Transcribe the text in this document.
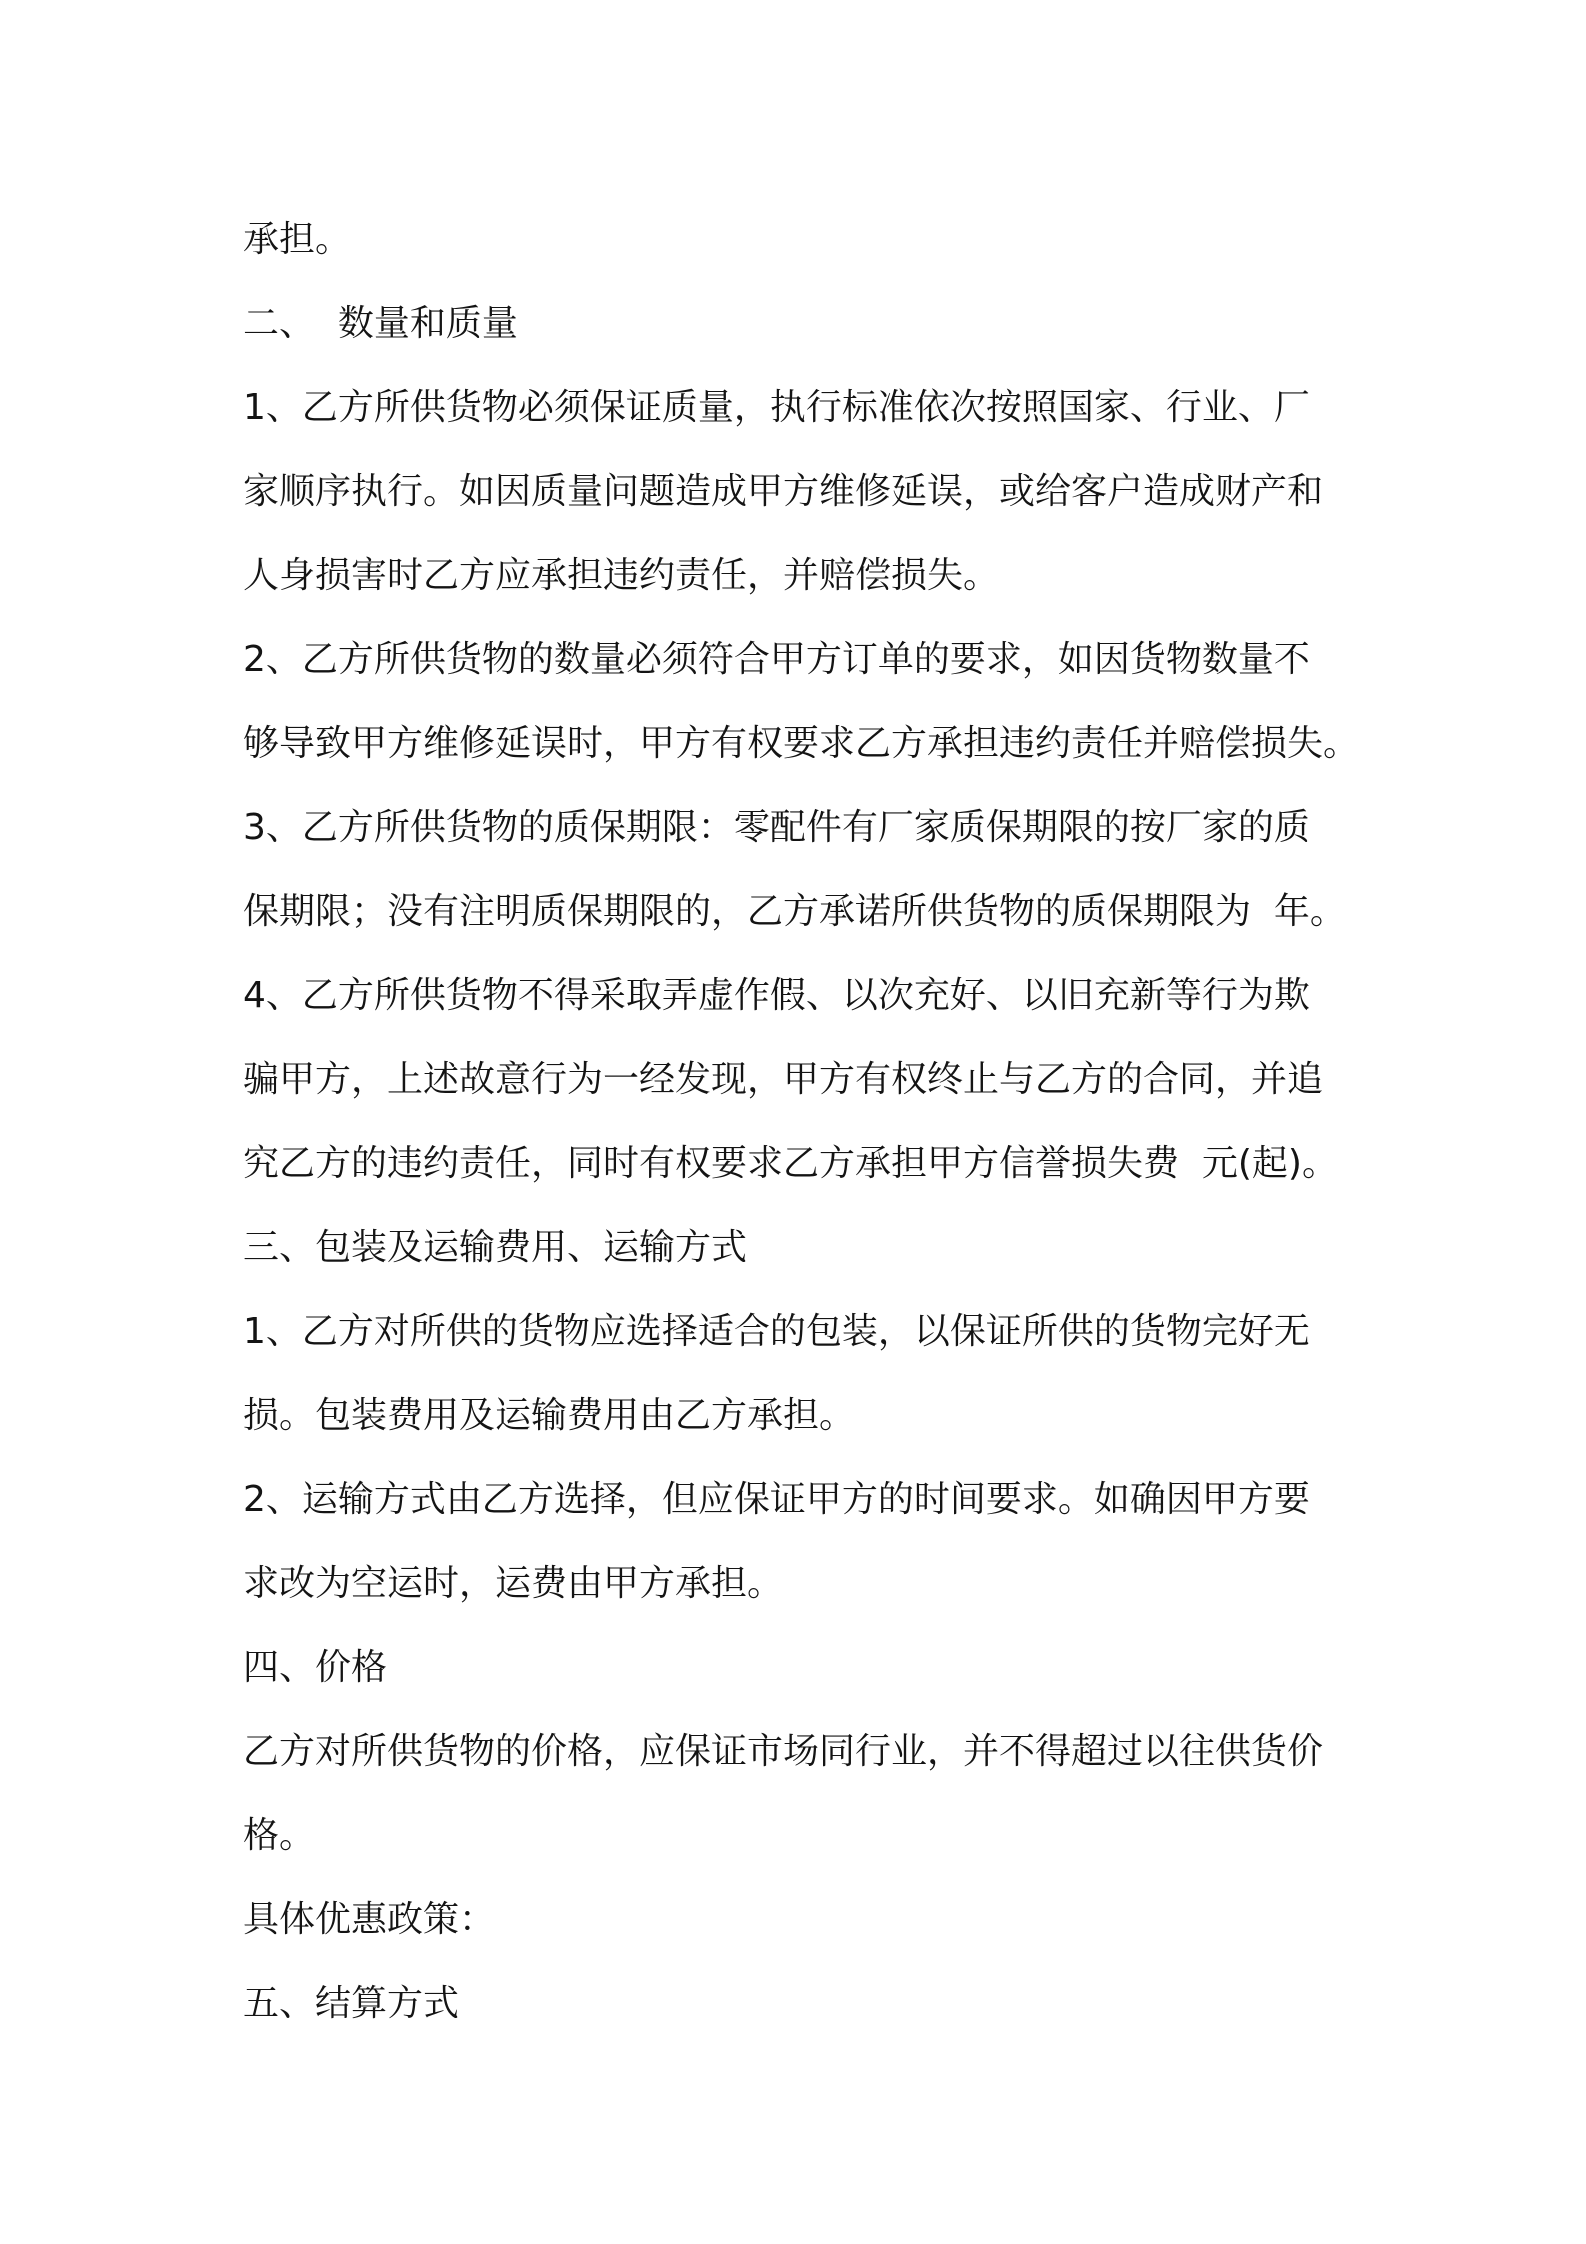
承担。
二、  数量和质量
1、乙方所供货物必须保证质量，执行标准依次按照国家、行业、厂
家顺序执行。如因质量问题造成甲方维修延误，或给客户造成财产和
人身损害时乙方应承担违约责任，并赔偿损失。
2、乙方所供货物的数量必须符合甲方订单的要求，如因货物数量不
够导致甲方维修延误时，甲方有权要求乙方承担违约责任并赔偿损失。
3、乙方所供货物的质保期限：零配件有厂家质保期限的按厂家的质
保期限；没有注明质保期限的，乙方承诺所供货物的质保期限为  年。
4、乙方所供货物不得采取弄虚作假、以次充好、以旧充新等行为欺
骗甲方，上述故意行为一经发现，甲方有权终止与乙方的合同，并追
究乙方的违约责任，同时有权要求乙方承担甲方信誉损失费  元(起)。
三、包装及运输费用、运输方式
1、乙方对所供的货物应选择适合的包装，以保证所供的货物完好无
损。包装费用及运输费用由乙方承担。
2、运输方式由乙方选择，但应保证甲方的时间要求。如确因甲方要
求改为空运时，运费由甲方承担。
四、价格
乙方对所供货物的价格，应保证市场同行业，并不得超过以往供货价
格。
具体优惠政策：
五、结算方式
